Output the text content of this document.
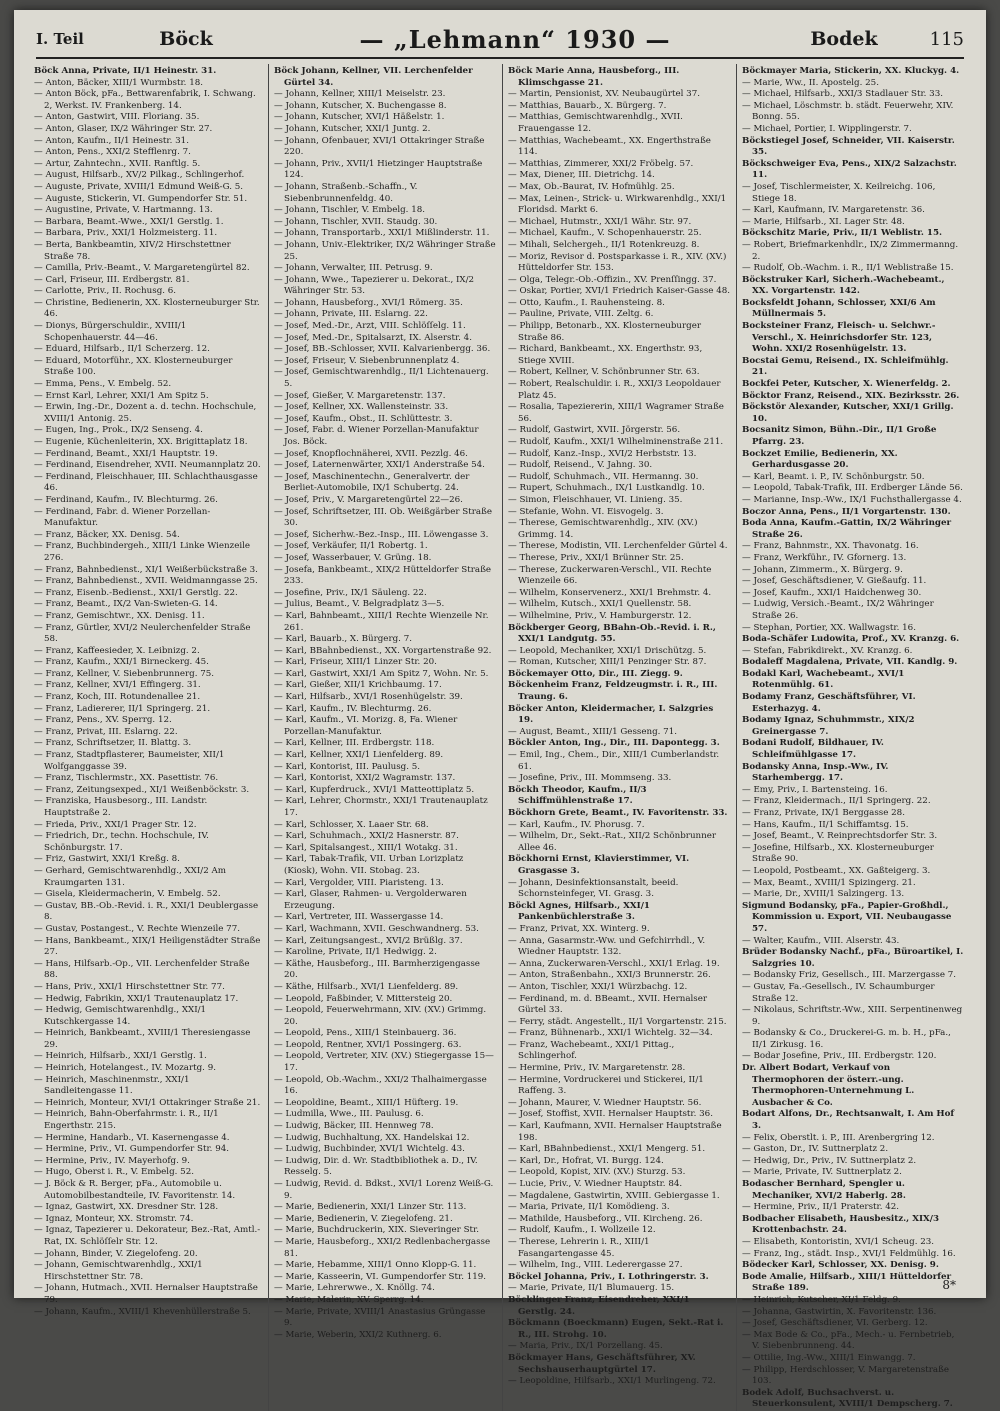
I. Teil	Böck	— „Lehmann“ 1930 —	Bodek	115
Böck Anna, Private, II/1 Heinestr. 31.
— Anton, Bäcker, XIII/1 Wurmbstr. 18.
— Anton Böck, pFa., Bettwarenfabrik, I. Schwang. 2, Werkst. IV. Frankenberg. 14.
— Anton, Gastwirt, VIII. Floriang. 35.
— Anton, Glaser, IX/2 Währinger Str. 27.
— Anton, Kaufm., II/1 Heinestr. 31.
— Anton, Pens., XXI/2 Stefflenrg. 7.
— Artur, Zahntechn., XVII. Ranftlg. 5.
— August, Hilfsarb., XV/2 Pilkag., Schlingerhof.
— Auguste, Private, XVIII/1 Edmund Weiß-G. 5.
— Auguste, Stickerin, VI. Gumpendorfer Str. 51.
— Augustine, Private, V. Hartmanng. 13.
— Barbara, Beamt.-Wwe., XXI/1 Gerstlg. 1.
— Barbara, Priv., XXI/1 Holzmeisterg. 11.
— Berta, Bankbeamtin, XIV/2 Hirschstettner Straße 78.
— Camilla, Priv.-Beamt., V. Margaretengürtel 82.
— Carl, Friseur, III. Erdbergstr. 81.
— Carlotte, Priv., II. Rochusg. 6.
— Christine, Bedienerin, XX. Klosterneuburger Str. 46.
— Dionys, Bürgerschuldir., XVIII/1 Schopenhauerstr. 44—46.
— Eduard, Hilfsarb., II/1 Scherzerg. 12.
— Eduard, Motorführ., XX. Klosterneuburger Straße 100.
— Emma, Pens., V. Embelg. 52.
— Ernst Karl, Lehrer, XXI/1 Am Spitz 5.
— Erwin, Ing.-Dr., Dozent a. d. techn. Hochschule, XVIII/1 Antonig. 25.
— Eugen, Ing., Prok., IX/2 Senseng. 4.
— Eugenie, Küchenleiterin, XX. Brigittaplatz 18.
— Ferdinand, Beamt., XXI/1 Hauptstr. 19.
— Ferdinand, Eisendreher, XVII. Neumannplatz 20.
— Ferdinand, Fleischhauer, III. Schlachthausgasse 46.
— Ferdinand, Kaufm., IV. Blechturmg. 26.
— Ferdinand, Fabr. d. Wiener Porzellan-Manufaktur.
— Franz, Bäcker, XX. Denisg. 54.
— Franz, Buchbindergeh., XIII/1 Linke Wienzeile 276.
— Franz, Bahnbedienst., XI/1 Weißerbückstraße 3.
— Franz, Bahnbedienst., XVII. Weidmanngasse 25.
— Franz, Eisenb.-Bedienst., XXI/1 Gerstlg. 22.
— Franz, Beamt., IX/2 Van-Swieten-G. 14.
— Franz, Gemischtwr., XX. Denisg. 11.
— Franz, Gürtler, XVI/2 Neulerchenfelder Straße 58.
— Franz, Kaffeesieder, X. Leibnizg. 2.
— Franz, Kaufm., XXI/1 Birneckerg. 45.
— Franz, Kellner, V. Siebenbrunnerg. 75.
— Franz, Kellner, XVI/1 Effingerg. 31.
— Franz, Koch, III. Rotundenallee 21.
— Franz, Ladiererer, II/1 Springerg. 21.
— Franz, Pens., XV. Sperrg. 12.
— Franz, Privat, III. Eslarng. 22.
— Franz, Schriftsetzer, II. Blattg. 3.
— Franz, Stadtpflasterer, Baumeister, XII/1 Wolfganggasse 39.
— Franz, Tischlermstr., XX. Pasettistr. 76.
— Franz, Zeitungsexped., XI/1 Weißenböckstr. 3.
— Franziska, Hausbesorg., III. Landstr. Hauptstraße 2.
— Frieda, Priv., XXI/1 Prager Str. 12.
— Friedrich, Dr., techn. Hochschule, IV. Schönburgstr. 17.
— Friz, Gastwirt, XXI/1 Kreßg. 8.
— Gerhard, Gemischtwarenhdlg., XXI/2 Am Kraumgarten 131.
— Gisela, Kleidermacherin, V. Embelg. 52.
— Gustav, BB.-Ob.-Revid. i. R., XXI/1 Deublergasse 8.
— Gustav, Postangest., V. Rechte Wienzeile 77.
— Hans, Bankbeamt., XIX/1 Heiligenstädter Straße 27.
— Hans, Hilfsarb.-Op., VII. Lerchenfelder Straße 88.
— Hans, Priv., XXI/1 Hirschstettner Str. 77.
— Hedwig, Fabrikin, XXI/1 Trautenauplatz 17.
— Hedwig, Gemischtwarenhdlg., XXI/1 Kutschkergasse 14.
— Heinrich, Bankbeamt., XVIII/1 Theresiengasse 29.
— Heinrich, Hilfsarb., XXI/1 Gerstlg. 1.
— Heinrich, Hotelangest., IV. Mozartg. 9.
— Heinrich, Maschinenmstr., XXI/1 Sandleitengasse 11.
— Heinrich, Monteur, XVI/1 Ottakringer Straße 21.
— Heinrich, Bahn-Oberfahrmstr. i. R., II/1 Engerthstr. 215.
— Hermine, Handarb., VI. Kasernengasse 4.
— Hermine, Priv., VI. Gumpendorfer Str. 94.
— Hermine, Priv., IV. Mayerhofg. 9.
— Hugo, Oberst i. R., V. Embelg. 52.
— J. Böck & R. Berger, pFa., Automobile u. Automobilbestandteile, IV. Favoritenstr. 14.
— Ignaz, Gastwirt, XX. Dresdner Str. 128.
— Ignaz, Monteur, XX. Stromstr. 74.
— Ignaz, Tapezierer u. Dekorateur, Bez.-Rat, Amtl.-Rat, IX. Schlöſſelr Str. 12.
— Johann, Binder, V. Ziegelofeng. 20.
— Johann, Gemischtwarenhdlg., XXI/1 Hirschstettner Str. 78.
— Johann, Hutmach., XVII. Hernalser Hauptstraße 79.
— Johann, Kaufm., XVIII/1 Khevenhüllerstraße 5.
Böck Johann, Kellner, VII. Lerchenfelder Gürtel 34.
— Johann, Kellner, XIII/1 Meiselstr. 23.
— Johann, Kutscher, X. Buchengasse 8.
— Johann, Kutscher, XVI/1 Häßelstr. 1.
— Johann, Kutscher, XXI/1 Juntg. 2.
— Johann, Ofenbauer, XVI/1 Ottakringer Straße 220.
— Johann, Priv., XVII/1 Hietzinger Hauptstraße 124.
— Johann, Straßenb.-Schaffn., V. Siebenbrunnenfeldg. 40.
— Johann, Tischler, V. Embelg. 18.
— Johann, Tischler, XVII. Staudg. 30.
— Johann, Transportarb., XXI/1 Mißlinderstr. 11.
— Johann, Univ.-Elektriker, IX/2 Währinger Straße 25.
— Johann, Verwalter, III. Petrusg. 9.
— Johann, Wwe., Tapezierer u. Dekorat., IX/2 Währinger Str. 53.
— Johann, Hausbeforg., XVI/1 Römerg. 35.
— Johann, Private, III. Eslarng. 22.
— Josef, Med.-Dr., Arzt, VIII. Schlöſſelg. 11.
— Josef, Med.-Dr., Spitalsarzt, IX. Alserstr. 4.
— Josef, BB.-Schlosser, XVII. Kalvarienbergg. 36.
— Josef, Friseur, V. Siebenbrunnenplatz 4.
— Josef, Gemischtwarenhdlg., II/1 Lichtenauerg. 5.
— Josef, Gießer, V. Margaretenstr. 137.
— Josef, Kellner, XX. Wallensteinstr. 33.
— Josef, Kaufm., Obst., II. Schlüttestr. 3.
— Josef, Fabr. d. Wiener Porzellan-Manufaktur Jos. Böck.
— Josef, Knopflochnäherei, XVII. Pezzlg. 46.
— Josef, Laternenwärter, XXI/1 Anderstraße 54.
— Josef, Maschinentechn., Generalvertr. der Berliet-Automobile, IX/1 Schubertg. 24.
— Josef, Priv., V. Margaretengürtel 22—26.
— Josef, Schriftsetzer, III. Ob. Weißgärber Straße 30.
— Josef, Sicherhw.-Bez.-Insp., III. Löwengasse 3.
— Josef, Verkäufer, II/1 Robertg. 1.
— Josef, Wasserbauer, V. Grüng. 18.
— Josefa, Bankbeamt., XIX/2 Hütteldorfer Straße 233.
— Josefine, Priv., IX/1 Säuleng. 22.
— Julius, Beamt., V. Belgradplatz 3—5.
— Karl, Bahnbeamt., XIII/1 Rechte Wienzeile Nr. 261.
— Karl, Bauarb., X. Bürgerg. 7.
— Karl, BBahnbedienst., XX. Vorgartenstraße 92.
— Karl, Friseur, XIII/1 Linzer Str. 20.
— Karl, Gastwirt, XXI/1 Am Spitz 7, Wohn. Nr. 5.
— Karl, Gießer, XII/1 Krichbaumg. 17.
— Karl, Hilfsarb., XVI/1 Rosenhügelstr. 39.
— Karl, Kaufm., IV. Blechturmg. 26.
— Karl, Kaufm., VI. Morizg. 8, Fa. Wiener Porzellan-Manufaktur.
— Karl, Kellner, III. Erdbergstr. 118.
— Karl, Kellner, XXI/1 Lienfelderg. 89.
— Karl, Kontorist, III. Paulusg. 5.
— Karl, Kontorist, XXI/2 Wagramstr. 137.
— Karl, Kupferdruck., XVI/1 Matteottiplatz 5.
— Karl, Lehrer, Chormstr., XXI/1 Trautenauplatz 17.
— Karl, Schlosser, X. Laaer Str. 68.
— Karl, Schuhmach., XXI/2 Hasnerstr. 87.
— Karl, Spitalsangest., XIII/1 Wotakg. 31.
— Karl, Tabak-Trafik, VII. Urban Lorizplatz (Kiosk), Wohn. VII. Stobag. 23.
— Karl, Vergolder, VIII. Piaristeng. 13.
— Karl, Glaser, Rahmen- u. Vergolderwaren Erzeugung.
— Karl, Vertreter, III. Wassergasse 14.
— Karl, Wachmann, XVII. Geschwandnerg. 53.
— Karl, Zeitungsangest., XVI/2 Brüßlg. 37.
— Karoline, Private, II/1 Hedwigg. 2.
— Käthe, Hausbeforg., III. Barmherzigengasse 20.
— Käthe, Hilfsarb., XVI/1 Lienfelderg. 89.
— Leopold, Faßbinder, V. Mittersteig 20.
— Leopold, Feuerwehrmann, XIV. (XV.) Grimmg. 20.
— Leopold, Pens., XIII/1 Steinbauerg. 36.
— Leopold, Rentner, XVI/1 Possingerg. 63.
— Leopold, Vertreter, XIV. (XV.) Stiegergasse 15—17.
— Leopold, Ob.-Wachm., XXI/2 Thalhaimergasse 16.
— Leopoldine, Beamt., XIII/1 Hüfterg. 19.
— Ludmilla, Wwe., III. Paulusg. 6.
— Ludwig, Bäcker, III. Hennweg 78.
— Ludwig, Buchhaltung, XX. Handelskai 12.
— Ludwig, Buchbinder, XVI/1 Wichtelg. 43.
— Ludwig, Dir. d. Wr. Stadtbibliothek a. D., IV. Resselg. 5.
— Ludwig, Revid. d. Bdkst., XVI/1 Lorenz Weiß-G. 9.
— Marie, Bedienerin, XXI/1 Linzer Str. 113.
— Marie, Bedienerin, V. Ziegelofeng. 21.
— Marie, Buchdruckerin, XIX. Sieveringer Str.
— Marie, Hausbeforg., XXI/2 Redlenbachergasse 81.
— Marie, Hebamme, XIII/1 Onno Klopp-G. 11.
— Marie, Kasseerin, VI. Gumpendorfer Str. 119.
— Marie, Lehrerwwe., X. Knöllg. 74.
— Marie, Malerin, XV. Sperrg. 14.
— Marie, Private, XVIII/1 Anastasius Grüngasse 9.
— Marie, Weberin, XXI/2 Kuthnerg. 6.
Böck Marie Anna, Hausbeforg., III. Klimschgasse 21.
— Martin, Pensionist, XV. Neubaugürtel 37.
— Matthias, Bauarb., X. Bürgerg. 7.
— Matthias, Gemischtwarenhdlg., XVII. Frauengasse 12.
— Matthias, Wachebeamt., XX. Engerthstraße 114.
— Matthias, Zimmerer, XXI/2 Fröbelg. 57.
— Max, Diener, III. Dietrichg. 14.
— Max, Ob.-Baurat, IV. Hofmühlg. 25.
— Max, Leinen-, Strick- u. Wirkwarenhdlg., XXI/1 Floridsd. Markt 6.
— Michael, Hutmstr., XXI/1 Währ. Str. 97.
— Michael, Kaufm., V. Schopenhauerstr. 25.
— Mihali, Selchergeh., II/1 Rotenkreuzg. 8.
— Moriz, Revisor d. Postsparkasse i. R., XIV. (XV.) Hütteldorfer Str. 153.
— Olga, Telegr.-Ob.-Offizin., XV. Prenſſingg. 37.
— Oskar, Portier, XVI/1 Friedrich Kaiser-Gasse 48.
— Otto, Kaufm., I. Rauhensteing. 8.
— Pauline, Private, VIII. Zeltg. 6.
— Philipp, Betonarb., XX. Klosterneuburger Straße 86.
— Richard, Bankbeamt., XX. Engerthstr. 93, Stiege XVIII.
— Robert, Kellner, V. Schönbrunner Str. 63.
— Robert, Realschuldir. i. R., XXI/3 Leopoldauer Platz 45.
— Rosalia, Tapeziererin, XIII/1 Wagramer Straße 56.
— Rudolf, Gastwirt, XVII. Jörgerstr. 56.
— Rudolf, Kaufm., XXI/1 Wilhelminenstraße 211.
— Rudolf, Kanz.-Insp., XVI/2 Herbststr. 13.
— Rudolf, Reisend., V. Jahng. 30.
— Rudolf, Schuhmach., VII. Hermanng. 30.
— Rupert, Schuhmach., IX/1 Lustkandlg. 10.
— Simon, Fleischhauer, VI. Linieng. 35.
— Stefanie, Wohn. VI. Eisvogelg. 3.
— Therese, Gemischtwarenhdlg., XIV. (XV.) Grimmg. 14.
— Therese, Modistin, VII. Lerchenfelder Gürtel 4.
— Therese, Priv., XXI/1 Brünner Str. 25.
— Therese, Zuckerwaren-Verschl., VII. Rechte Wienzeile 66.
— Wilhelm, Konservenerz., XXI/1 Brehmstr. 4.
— Wilhelm, Kutsch., XXI/1 Quellenstr. 58.
— Wilhelmine, Priv., V. Hamburgerstr. 12.
Böckberger Georg, BBahn-Ob.-Revid. i. R., XXI/1 Landgutg. 55.
— Leopold, Mechaniker, XXI/1 Drischützg. 5.
— Roman, Kutscher, XIII/1 Penzinger Str. 87.
Böckemayer Otto, Dir., III. Ziegg. 9.
Böckenheim Franz, Feldzeugmstr. i. R., III. Traung. 6.
Böcker Anton, Kleidermacher, I. Salzgries 19.
— August, Beamt., XIII/1 Gesseng. 71.
Böckler Anton, Ing., Dir., III. Dapontegg. 3.
— Emil, Ing., Chem., Dir., XIII/1 Cumberlandstr. 61.
— Josefine, Priv., III. Mommseng. 33.
Böckh Theodor, Kaufm., II/3 Schiffmühlenstraße 17.
Böckhorn Grete, Beamt., IV. Favoritenstr. 33.
— Karl, Kaufm., IV. Phorusg. 7.
— Wilhelm, Dr., Sekt.-Rat., XII/2 Schönbrunner Allee 46.
Böckhorni Ernst, Klavierstimmer, VI. Grasgasse 3.
— Johann, Desinfektionsanstalt, beeid. Schornsteinfeger, VI. Grasg. 3.
Böckl Agnes, Hilfsarb., XXI/1 Pankenbüchlerstraße 3.
— Franz, Privat, XX. Winterg. 9.
— Anna, Gasarmstr.-Ww. und Gefchirrhdl., V. Wiedner Hauptstr. 132.
— Anna, Zuckerwaren-Verschl., XXI/1 Erlag. 19.
— Anton, Straßenbahn., XXI/3 Brunnerstr. 26.
— Anton, Tischler, XXI/1 Würzbachg. 12.
— Ferdinand, m. d. BBeamt., XVII. Hernalser Gürtel 33.
— Ferry, städt. Angestellt., II/1 Vorgartenstr. 215.
— Franz, Bühnenarb., XXI/1 Wichtelg. 32—34.
— Franz, Wachebeamt., XXI/1 Pittag., Schlingerhof.
— Hermine, Priv., IV. Margaretenstr. 28.
— Hermine, Vordruckerei und Stickerei, II/1 Raffeng. 3.
— Johann, Maurer, V. Wiedner Hauptstr. 56.
— Josef, Stoffist, XVII. Hernalser Hauptstr. 36.
— Karl, Kaufmann, XVII. Hernalser Hauptstraße 198.
— Karl, BBahnbedienst., XXI/1 Mengerg. 51.
— Karl, Dr., Hofrat, VI. Burgg. 124.
— Leopold, Kopist, XIV. (XV.) Sturzg. 53.
— Lucie, Priv., V. Wiedner Hauptstr. 84.
— Magdalene, Gastwirtin, XVIII. Gebiergasse 1.
— Maria, Private, II/1 Komödieng. 3.
— Mathilde, Hausbeforg., VII. Kircheng. 26.
— Rudolf, Kaufm., I. Wollzeile 12.
— Therese, Lehrerin i. R., XIII/1 Fasangartengasse 45.
— Wilhelm, Ing., VIII. Lederergasse 27.
Böckel Johanna, Priv., I. Lothringerstr. 3.
— Marie, Private, II/1 Blumauerg. 15.
Böcklinger Franz, Eisendreher, XXI/1 Gerstlg. 24.
Böckmann (Boeckmann) Eugen, Sekt.-Rat i. R., III. Strohg. 10.
— Maria, Priv., IX/1 Porzellang. 45.
Böckmayer Hans, Geschäftsführer, XV. Sechshauserhauptgürtel 17.
— Leopoldine, Hilfsarb., XXI/1 Murlingeng. 72.
Böckmayer Maria, Stickerin, XX. Kluckyg. 4.
— Marie, Ww., II. Apostelg. 25.
— Michael, Hilfsarb., XXI/3 Stadlauer Str. 33.
— Michael, Löschmstr. b. städt. Feuerwehr, XIV. Bonng. 55.
— Michael, Portier, I. Wipplingerstr. 7.
Böckstiegel Josef, Schneider, VII. Kaiserstr. 35.
Böckschweiger Eva, Pens., XIX/2 Salzachstr. 11.
— Josef, Tischlermeister, X. Keilreichg. 106, Stiege 18.
— Karl, Kaufmann, IV. Margaretenstr. 36.
— Marie, Hilfsarb., XI. Lager Str. 48.
Böckschitz Marie, Priv., II/1 Weblistr. 15.
— Robert, Briefmarkenhdlr., IX/2 Zimmermanng. 2.
— Rudolf, Ob.-Wachm. i. R., II/1 Weblistraße 15.
Böckstruker Karl, Sicherh.-Wachebeamt., XX. Vorgartenstr. 142.
Bocksfeldt Johann, Schlosser, XXI/6 Am Müllnermais 5.
Bocksteiner Franz, Fleisch- u. Selchwr.-Verschl., X. Heinrichsdorfer Str. 123, Wohn. XXI/2 Rosenhügelstr. 13.
Bocstai Gemu, Reisend., IX. Schleifmühlg. 21.
Bockfei Peter, Kutscher, X. Wienerfeldg. 2.
Böcktor Franz, Reisend., XIX. Bezirksstr. 26.
Böckstör Alexander, Kutscher, XXI/1 Grillg. 10.
Bocsanitz Simon, Bühn.-Dir., II/1 Große Pfarrg. 23.
Bockzet Emilie, Bedienerin, XX. Gerhardusgasse 20.
— Karl, Beamt. i. P., IV. Schönburgstr. 50.
— Leopold, Tabak-Trafik, III. Erdberger Lände 56.
— Marianne, Insp.-Ww., IX/1 Fuchsthallergasse 4.
Boczor Anna, Pens., II/1 Vorgartenstr. 130.
Boda Anna, Kaufm.-Gattin, IX/2 Währinger Straße 26.
— Franz, Bahnmstr., XX. Thavonatg. 16.
— Franz, Werkführ., IV. Gfornerg. 13.
— Johann, Zimmerm., X. Bürgerg. 9.
— Josef, Geschäftsdiener, V. Gießaufg. 11.
— Josef, Kaufm., XXI/1 Haidchenweg 30.
— Ludwig, Versich.-Beamt., IX/2 Währinger Straße 26.
— Stephan, Portier, XX. Wallwagstr. 16.
Boda-Schäfer Ludowita, Prof., XV. Kranzg. 6.
— Stefan, Fabrikdirekt., XV. Kranzg. 6.
Bodaleff Magdalena, Private, VII. Kandlg. 9.
Bodakl Karl, Wachebeamt., XVI/1 Rotenmühlg. 61.
Bodamy Franz, Geschäftsführer, VI. Esterhazyg. 4.
Bodamy Ignaz, Schuhmmstr., XIX/2 Greinergasse 7.
Bodani Rudolf, Bildhauer, IV. Schleifmühlgasse 17.
Bodansky Anna, Insp.-Ww., IV. Starhembergg. 17.
— Emy, Priv., I. Bartensteing. 16.
— Franz, Kleidermach., II/1 Springerg. 22.
— Franz, Private, IX/1 Berggasse 28.
— Hans, Kaufm., II/1 Schiffamtsg. 15.
— Josef, Beamt., V. Reinprechtsdorfer Str. 3.
— Josefine, Hilfsarb., XX. Klosterneuburger Straße 90.
— Leopold, Postbeamt., XX. Gaßteigerg. 3.
— Max, Beamt., XVIII/1 Spizingerg. 21.
— Marie, Dr., XVIII/1 Salzingerg. 13.
Sigmund Bodansky, pFa., Papier-Großhdl., Kommission u. Export, VII. Neubaugasse 57.
— Walter, Kaufm., VIII. Alserstr. 43.
Brüder Bodansky Nachf., pFa., Büroartikel, I. Salzgries 10.
— Bodansky Friz, Gesellsch., III. Marzergasse 7.
— Gustav, Fa.-Gesellsch., IV. Schaumburger Straße 12.
— Nikolaus, Schriftstr.-Ww., XIII. Serpentinenweg 9.
— Bodansky & Co., Druckerei-G. m. b. H., pFa., II/1 Zirkusg. 16.
— Bodar Josefine, Priv., III. Erdbergstr. 120.
Dr. Albert Bodart, Verkauf von Thermophoren der österr.-ung. Thermophoren-Unternehmung L. Ausbacher & Co.
Bodart Alfons, Dr., Rechtsanwalt, I. Am Hof 3.
— Felix, Oberstlt. i. P., III. Arenbergring 12.
— Gaston, Dr., IV. Suttnerplatz 2.
— Hedwig, Dr., Priv., IV. Suttnerplatz 2.
— Marie, Private, IV. Suttnerplatz 2.
Bodascher Bernhard, Spengler u. Mechaniker, XVI/2 Haberlg. 28.
— Hermine, Priv., II/1 Praterstr. 42.
Bodbacher Elisabeth, Hausbesitz., XIX/3 Krottenbachstr. 24.
— Elisabeth, Kontoristin, XVI/1 Scheug. 23.
— Franz, Ing., städt. Insp., XVI/1 Feldmühlg. 16.
Bödecker Karl, Schlosser, XX. Denisg. 9.
Bode Amalie, Hilfsarb., XIII/1 Hütteldorfer Straße 189.
— Heinrich, Kutscher, XI/1 Feldg. 9.
— Johanna, Gastwirtin, X. Favoritenstr. 136.
— Josef, Geschäftsdiener, VI. Gerberg. 12.
— Max Bode & Co., pFa., Mech.- u. Fernbetrieb, V. Siebenbrunneng. 44.
— Ottilie, Ing.-Ww., XIII/1 Einwangg. 7.
— Philipp, Herdschlosser, V. Margaretenstraße 103.
Bodek Adolf, Buchsachverst. u. Steuerkonsulent, XVIII/1 Dempscherg. 7.
8*
